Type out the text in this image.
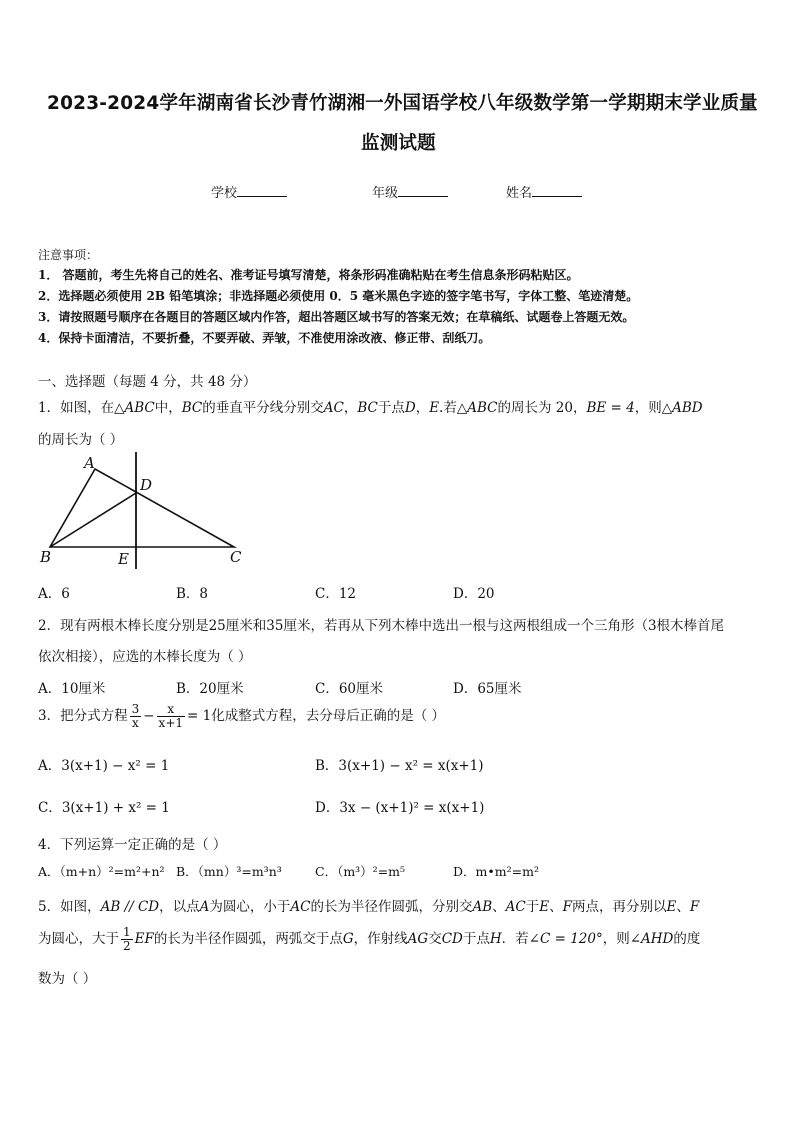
2023-2024学年湖南省长沙青竹湖湘一外国语学校八年级数学第一学期期末学业质量
监测试题
学校	年级	姓名
注意事项：
1． 答题前，考生先将自己的姓名、准考证号填写清楚，将条形码准确粘贴在考生信息条形码粘贴区。
2．选择题必须使用 2B 铅笔填涂；非选择题必须使用 0．5 毫米黑色字迹的签字笔书写，字体工整、笔迹清楚。
3．请按照题号顺序在各题目的答题区域内作答，超出答题区域书写的答案无效；在草稿纸、试题卷上答题无效。
4．保持卡面清洁，不要折叠，不要弄破、弄皱，不准使用涂改液、修正带、刮纸刀。
一、选择题（每题 4 分，共 48 分）
1．如图，在△ABC中，BC的垂直平分线分别交AC，BC于点D，E.若△ABC的周长为 20，BE = 4，则△ABD
的周长为（ ）
A
D
B	E	C
A．6	B．8	C．12	D．20
2．现有两根木棒长度分别是25厘米和35厘米，若再从下列木棒中选出一根与这两根组成一个三角形（3根木棒首尾
依次相接），应选的木棒长度为（ ）
A．10厘米	B．20厘米	C．60厘米	D．65厘米
3．把分式方程 $\frac{3}{x} - \frac{x}{x+1} = 1$化成整式方程，去分母后正确的是（ ）
A．3(x+1) − x² = 1	B．3(x+1) − x² = x(x+1)
C．3(x+1) + x² = 1	D．3x − (x+1)² = x(x+1)
4．下列运算一定正确的是（ ）
A．（m+n）²=m²+n² B．（mn）³=m³n³	C．（m³）²=m⁵	D．m•m²=m²
5．如图，AB // CD，以点A为圆心，小于AC的长为半径作圆弧，分别交AB、AC于E、F两点，再分别以E、F
为圆心，大于 $\frac{1}{2}$ EF的长为半径作圆弧，两弧交于点G，作射线AG交CD于点H．若∠C = 120°，则∠AHD的度
数为（ ）
